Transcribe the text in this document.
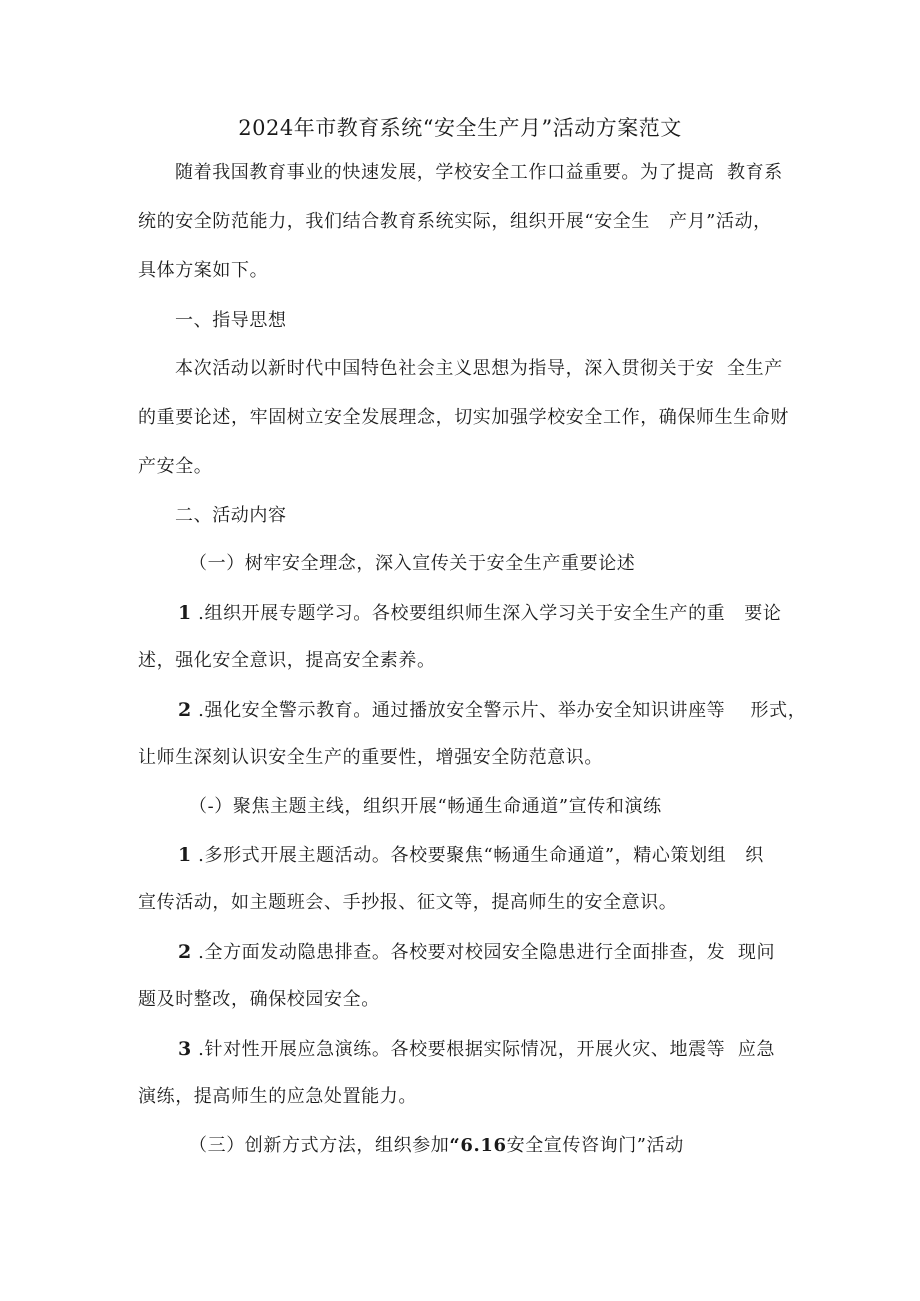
2024年市教育系统“安全生产月”活动方案范文
随着我国教育事业的快速发展，学校安全工作口益重要。为了提高  教育系
统的安全防范能力，我们结合教育系统实际，组织开展“安全生   产月”活动，
具体方案如下。
一、指导思想
本次活动以新时代中国特色社会主义思想为指导，深入贯彻关于安  全生产
的重要论述，牢固树立安全发展理念，切实加强学校安全工作，确保师生生命财
产安全。
二、活动内容
（一）树牢安全理念，深入宣传关于安全生产重要论述
1 .组织开展专题学习。各校要组织师生深入学习关于安全生产的重   要论
述，强化安全意识，提高安全素养。
2 .强化安全警示教育。通过播放安全警示片、举办安全知识讲座等    形式，
让师生深刻认识安全生产的重要性，增强安全防范意识。
（-）聚焦主题主线，组织开展“畅通生命通道”宣传和演练
1 .多形式开展主题活动。各校要聚焦“畅通生命通道”，精心策划组   织
宣传活动，如主题班会、手抄报、征文等，提高师生的安全意识。
2 .全方面发动隐患排查。各校要对校园安全隐患进行全面排查，发  现问
题及时整改，确保校园安全。
3 .针对性开展应急演练。各校要根据实际情况，开展火灾、地震等  应急
演练，提高师生的应急处置能力。
（三）创新方式方法，组织参加“6.16安全宣传咨询门”活动
